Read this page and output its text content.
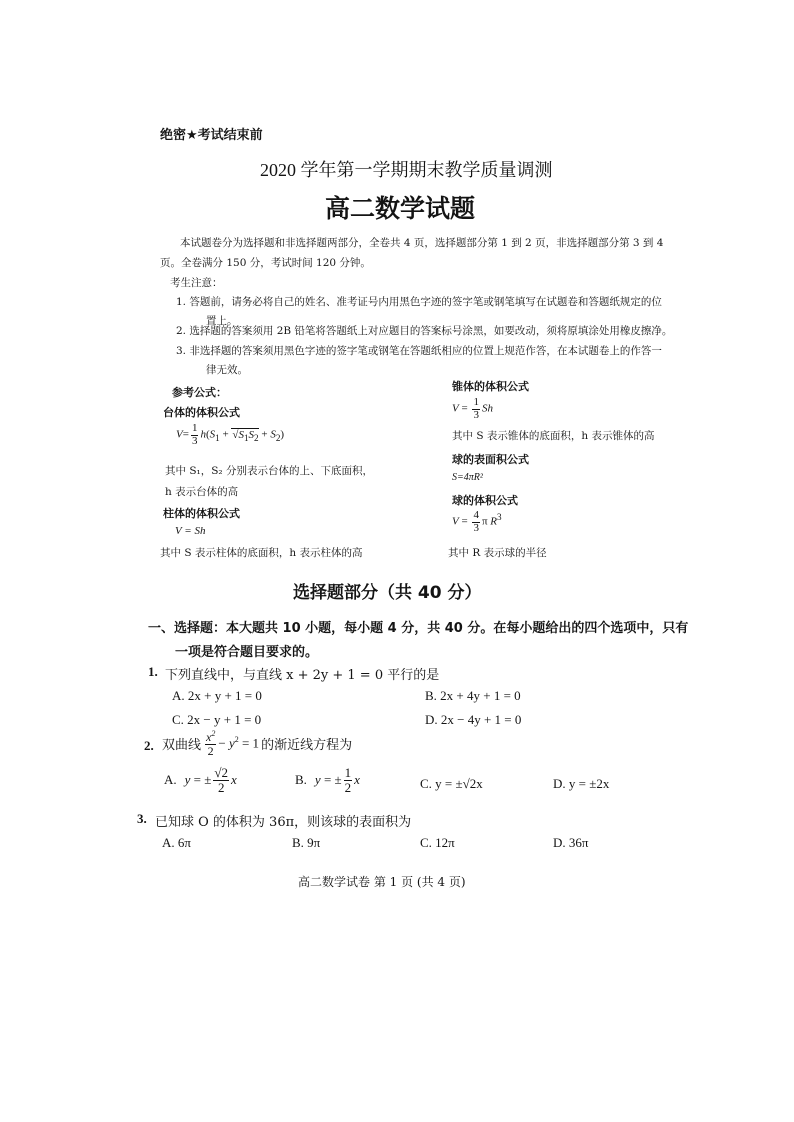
绝密★考试结束前
2020 学年第一学期期末教学质量调测
高二数学试题
本试题卷分为选择题和非选择题两部分，全卷共 4 页，选择题部分第 1 到 2 页，非选择题部分第 3 到 4
页。全卷满分 150 分，考试时间 120 分钟。
考生注意：
1. 答题前，请务必将自己的姓名、准考证号内用黑色字迹的签字笔或钢笔填写在试题卷和答题纸规定的位
置上。
2. 选择题的答案须用 2B 铅笔将答题纸上对应题目的答案标号涂黑，如要改动，须将原填涂处用橡皮擦净。
3. 非选择题的答案须用黑色字迹的签字笔或钢笔在答题纸相应的位置上规范作答，在本试题卷上的作答一
律无效。
参考公式：
台体的体积公式
$V= \frac{1}{3} h(S_1 + √S_1S_2 + S_2)$
其中 S₁，S₂ 分别表示台体的上、下底面积，
h 表示台体的高
柱体的体积公式
V = Sh
其中 S 表示柱体的底面积，h 表示柱体的高
锥体的体积公式
$V = \frac{1}{3}$ Sh
其中 S 表示锥体的底面积，h 表示锥体的高
球的表面积公式
S=4πR²
球的体积公式
$V = \frac{4}{3}$ π $R^3$
其中 R 表示球的半径
选择题部分（共 40 分）
一、选择题：本大题共 10 小题，每小题 4 分，共 40 分。在每小题给出的四个选项中，只有
一项是符合题目要求的。
1. 下列直线中，与直线 x + 2y + 1 = 0 平行的是
A. 2x + y + 1 = 0	B. 2x + 4y + 1 = 0
C. 2x − y + 1 = 0	D. 2x − 4y + 1 = 0
2. 双曲线 $\frac{x^2}{2} - y^2 = 1$ 的渐近线方程为
A. y = ± $\frac{√2}{2}$ x	B. y = ± $\frac{1}{2}$ x	C. y = ±√2x	D. y = ±2x
3. 已知球 O 的体积为 36π，则该球的表面积为
A. 6π	B. 9π	C. 12π	D. 36π
高二数学试卷 第 1 页 (共 4 页)
